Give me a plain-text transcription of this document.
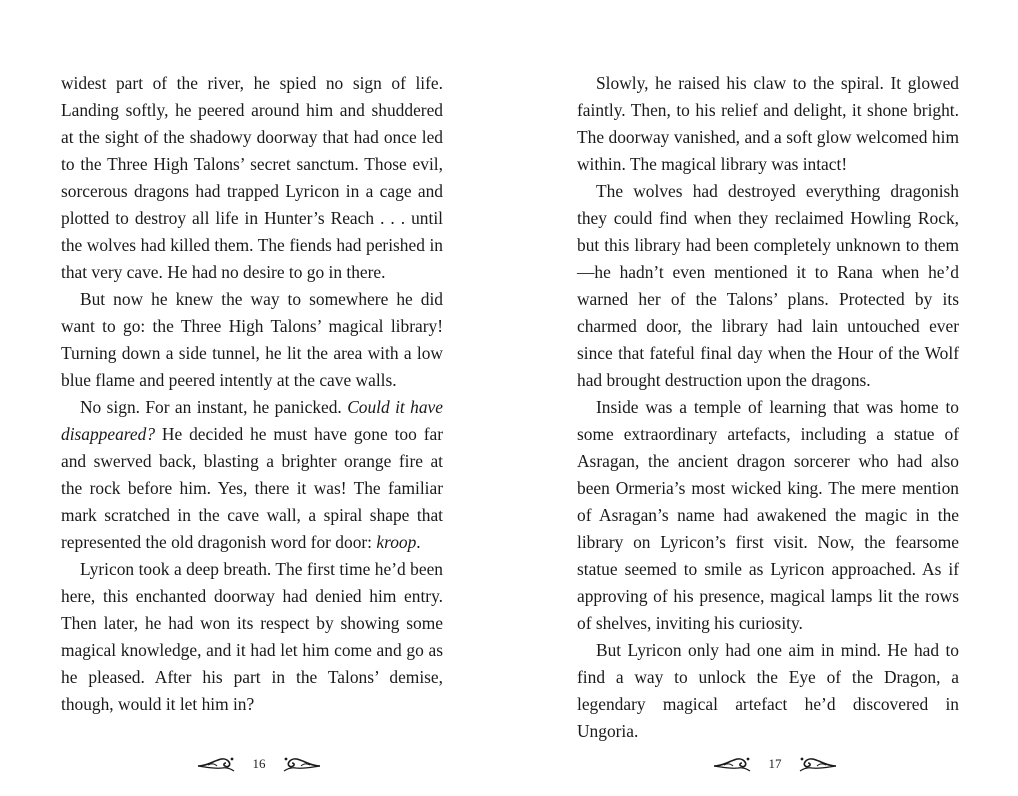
widest part of the river, he spied no sign of life. Landing softly, he peered around him and shuddered at the sight of the shadowy doorway that had once led to the Three High Talons’ secret sanctum. Those evil, sorcerous dragons had trapped Lyricon in a cage and plotted to destroy all life in Hunter’s Reach . . . until the wolves had killed them. The fiends had perished in that very cave. He had no desire to go in there.

But now he knew the way to somewhere he did want to go: the Three High Talons’ magical library! Turning down a side tunnel, he lit the area with a low blue flame and peered intently at the cave walls.

No sign. For an instant, he panicked. Could it have disappeared? He decided he must have gone too far and swerved back, blasting a brighter orange fire at the rock before him. Yes, there it was! The familiar mark scratched in the cave wall, a spiral shape that represented the old dragonish word for door: kroop.

Lyricon took a deep breath. The first time he’d been here, this enchanted doorway had denied him entry. Then later, he had won its respect by showing some magical knowledge, and it had let him come and go as he pleased. After his part in the Talons’ demise, though, would it let him in?

Slowly, he raised his claw to the spiral. It glowed faintly. Then, to his relief and delight, it shone bright. The doorway vanished, and a soft glow welcomed him within. The magical library was intact!

The wolves had destroyed everything dragonish they could find when they reclaimed Howling Rock, but this library had been completely unknown to them—he hadn’t even mentioned it to Rana when he’d warned her of the Talons’ plans. Protected by its charmed door, the library had lain untouched ever since that fateful final day when the Hour of the Wolf had brought destruction upon the dragons.

Inside was a temple of learning that was home to some extraordinary artefacts, including a statue of Asragan, the ancient dragon sorcerer who had also been Ormeria’s most wicked king. The mere mention of Asragan’s name had awakened the magic in the library on Lyricon’s first visit. Now, the fearsome statue seemed to smile as Lyricon approached. As if approving of his presence, magical lamps lit the rows of shelves, inviting his curiosity.

But Lyricon only had one aim in mind. He had to find a way to unlock the Eye of the Dragon, a legendary magical artefact he’d discovered in Ungoria.

16	17
